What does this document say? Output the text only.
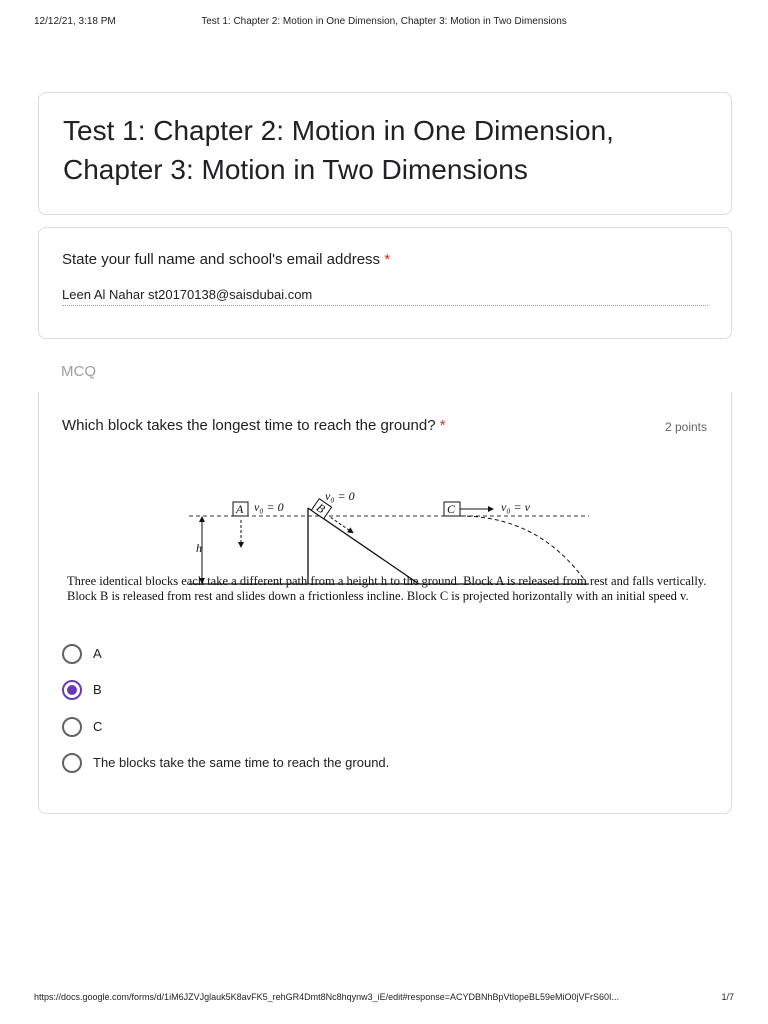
12/12/21, 3:18 PM	Test 1: Chapter 2: Motion in One Dimension, Chapter 3: Motion in Two Dimensions
Test 1: Chapter 2: Motion in One Dimension, Chapter 3: Motion in Two Dimensions
State your full name and school's email address *
Leen Al Nahar st20170138@saisdubai.com
MCQ
Which block takes the longest time to reach the ground? *	2 points
h
A v₀ = 0	B
v₀ = 0
C	v₀ = v
Three identical blocks each take a different path from a height h to the ground. Block A is released from rest and falls vertically. Block B is released from rest and slides down a frictionless incline. Block C is projected horizontally with an initial speed v.
A
B
C
The blocks take the same time to reach the ground.
https://docs.google.com/forms/d/1iM6JZVJglauk5K8avFK5_rehGR4Dmt8Nc8hqynw3_iE/edit#response=ACYDBNhBpVtlopeBL59eMiO0jVFrS60I...	1/7
